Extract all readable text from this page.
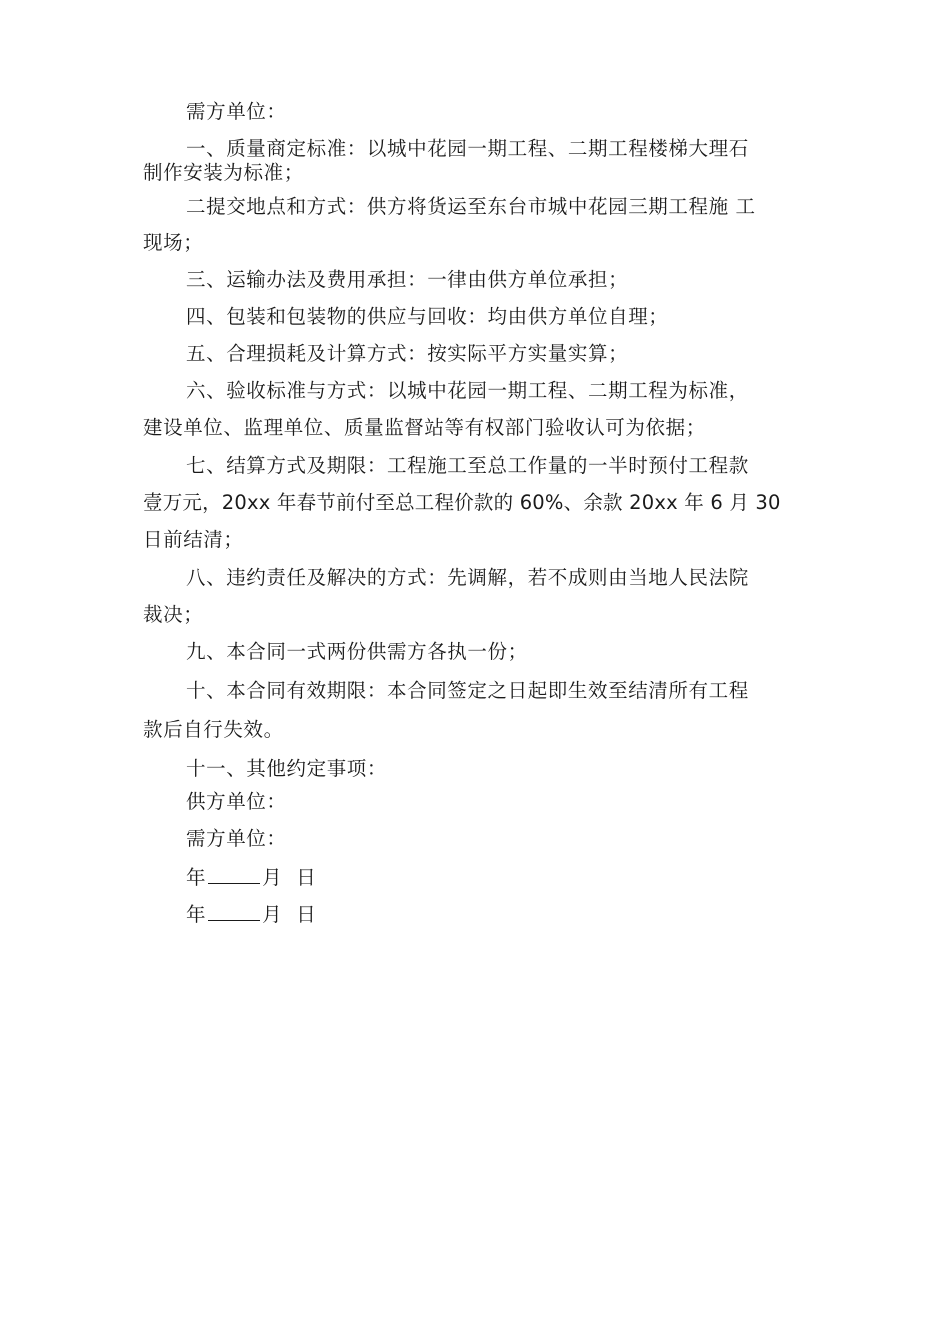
需方单位：
一、质量商定标准：以城中花园一期工程、二期工程楼梯大理石
制作安装为标准；
二提交地点和方式：供方将货运至东台市城中花园三期工程施 工
现场；
三、运输办法及费用承担：一律由供方单位承担；
四、包装和包装物的供应与回收：均由供方单位自理；
五、合理损耗及计算方式：按实际平方实量实算；
六、验收标准与方式：以城中花园一期工程、二期工程为标准，
建设单位、监理单位、质量监督站等有权部门验收认可为依据；
七、结算方式及期限：工程施工至总工作量的一半时预付工程款
壹万元，20xx 年春节前付至总工程价款的 60%、余款 20xx 年 6 月 30
日前结清；
八、违约责任及解决的方式：先调解，若不成则由当地人民法院
裁决；
九、本合同一式两份供需方各执一份；
十、本合同有效期限：本合同签定之日起即生效至结清所有工程
款后自行失效。
十一、其他约定事项：
供方单位：
需方单位：
年	月 日
年	月 日
